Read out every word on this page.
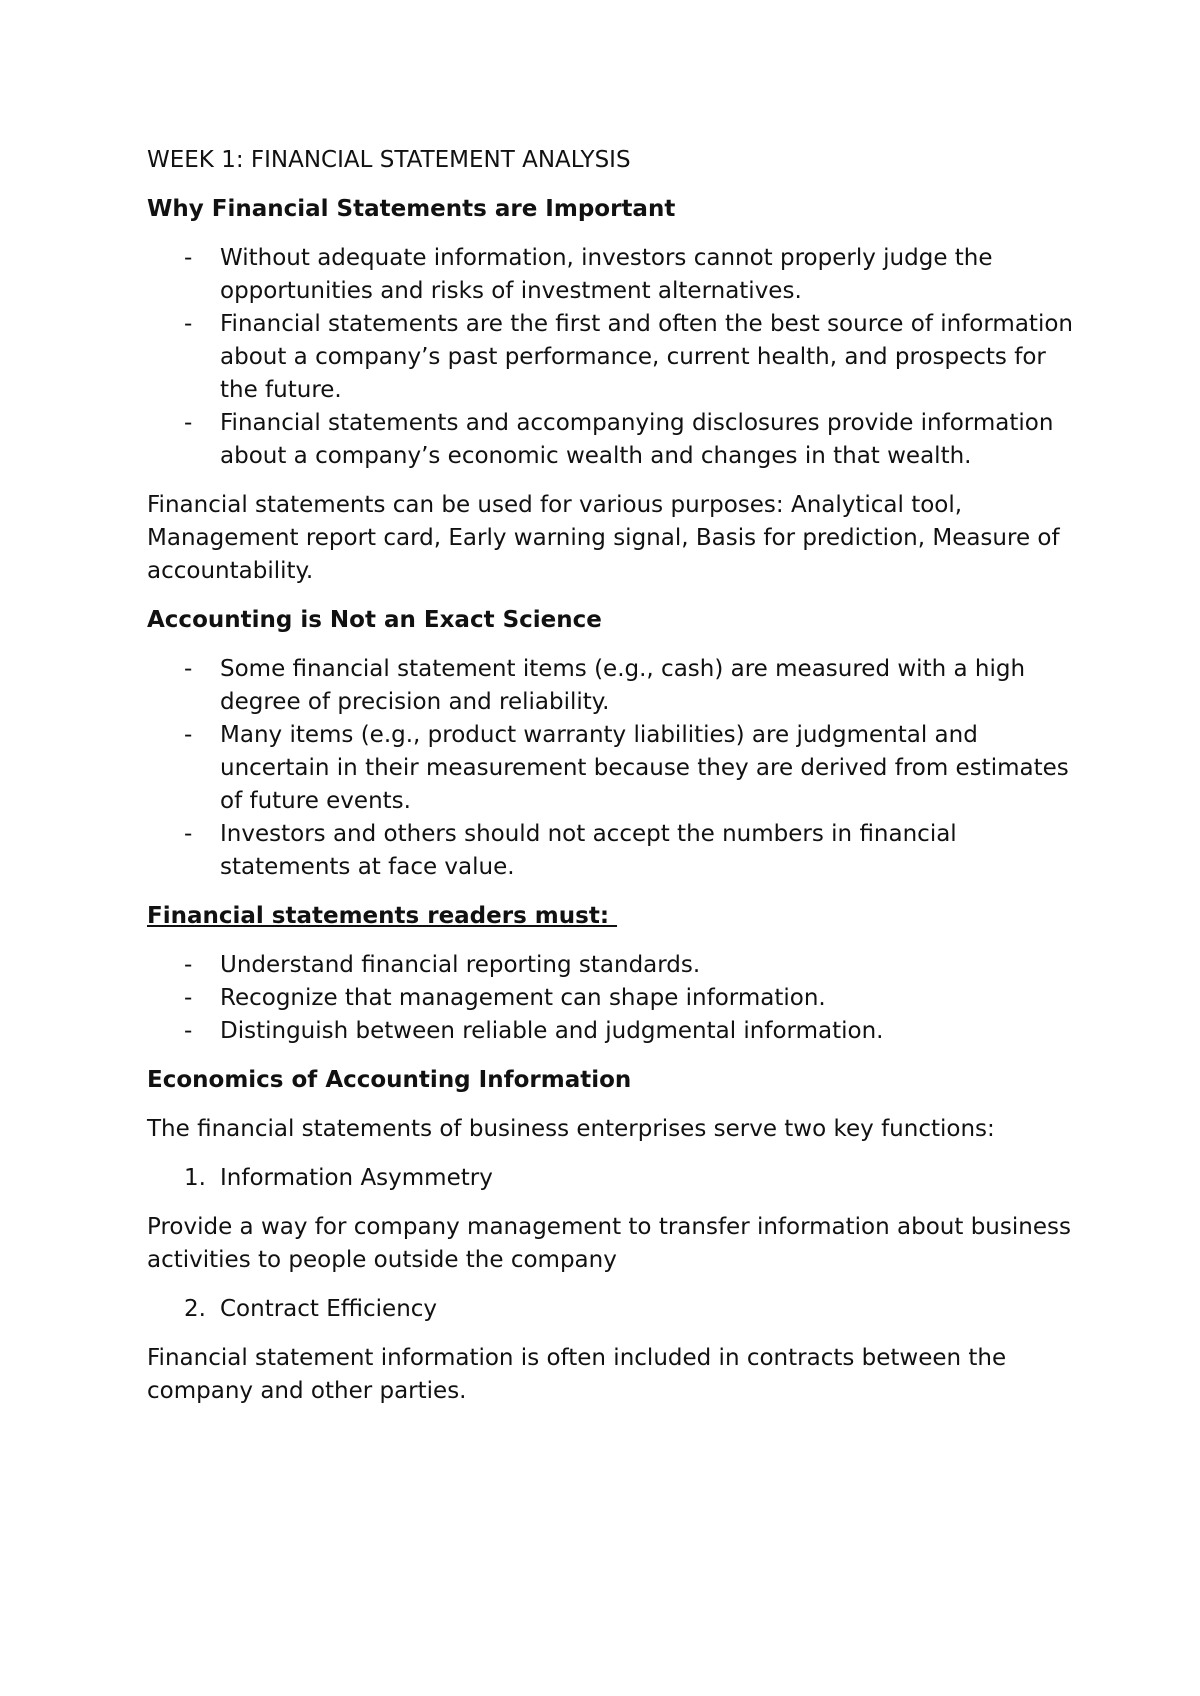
WEEK 1: FINANCIAL STATEMENT ANALYSIS
Why Financial Statements are Important
- Without adequate information, investors cannot properly judge the opportunities and risks of investment alternatives.
- Financial statements are the first and often the best source of information about a company’s past performance, current health, and prospects for the future.
- Financial statements and accompanying disclosures provide information about a company’s economic wealth and changes in that wealth.
Financial statements can be used for various purposes: Analytical tool, Management report card, Early warning signal, Basis for prediction, Measure of accountability.
Accounting is Not an Exact Science
- Some financial statement items (e.g., cash) are measured with a high degree of precision and reliability.
- Many items (e.g., product warranty liabilities) are judgmental and uncertain in their measurement because they are derived from estimates of future events.
- Investors and others should not accept the numbers in financial statements at face value.
Financial statements readers must:
- Understand financial reporting standards.
- Recognize that management can shape information.
- Distinguish between reliable and judgmental information.
Economics of Accounting Information
The financial statements of business enterprises serve two key functions:
1. Information Asymmetry
Provide a way for company management to transfer information about business activities to people outside the company
2. Contract Efficiency
Financial statement information is often included in contracts between the company and other parties.
